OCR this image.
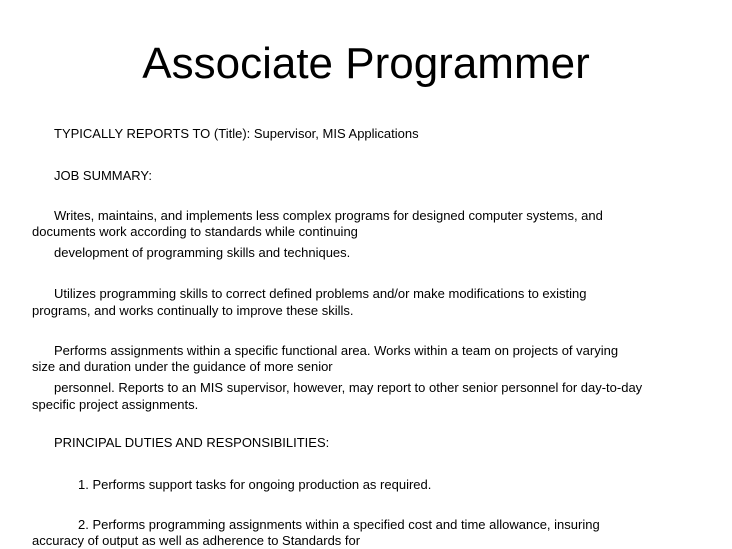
Associate Programmer
TYPICALLY REPORTS TO (Title): Supervisor, MIS Applications
JOB SUMMARY:
Writes, maintains, and implements less complex programs for designed computer systems, and
documents work according to standards while continuing
development of programming skills and techniques.
Utilizes programming skills to correct defined problems and/or make modifications to existing
programs, and works continually to improve these skills.
Performs assignments within a specific functional area. Works within a team on projects of varying
size and duration under the guidance of more senior
personnel. Reports to an MIS supervisor, however, may report to other senior personnel for day-to-day
specific project assignments.
PRINCIPAL DUTIES AND RESPONSIBILITIES:
1. Performs support tasks for ongoing production as required.
2. Performs programming assignments within a specified cost and time allowance, insuring
accuracy of output as well as adherence to Standards for
